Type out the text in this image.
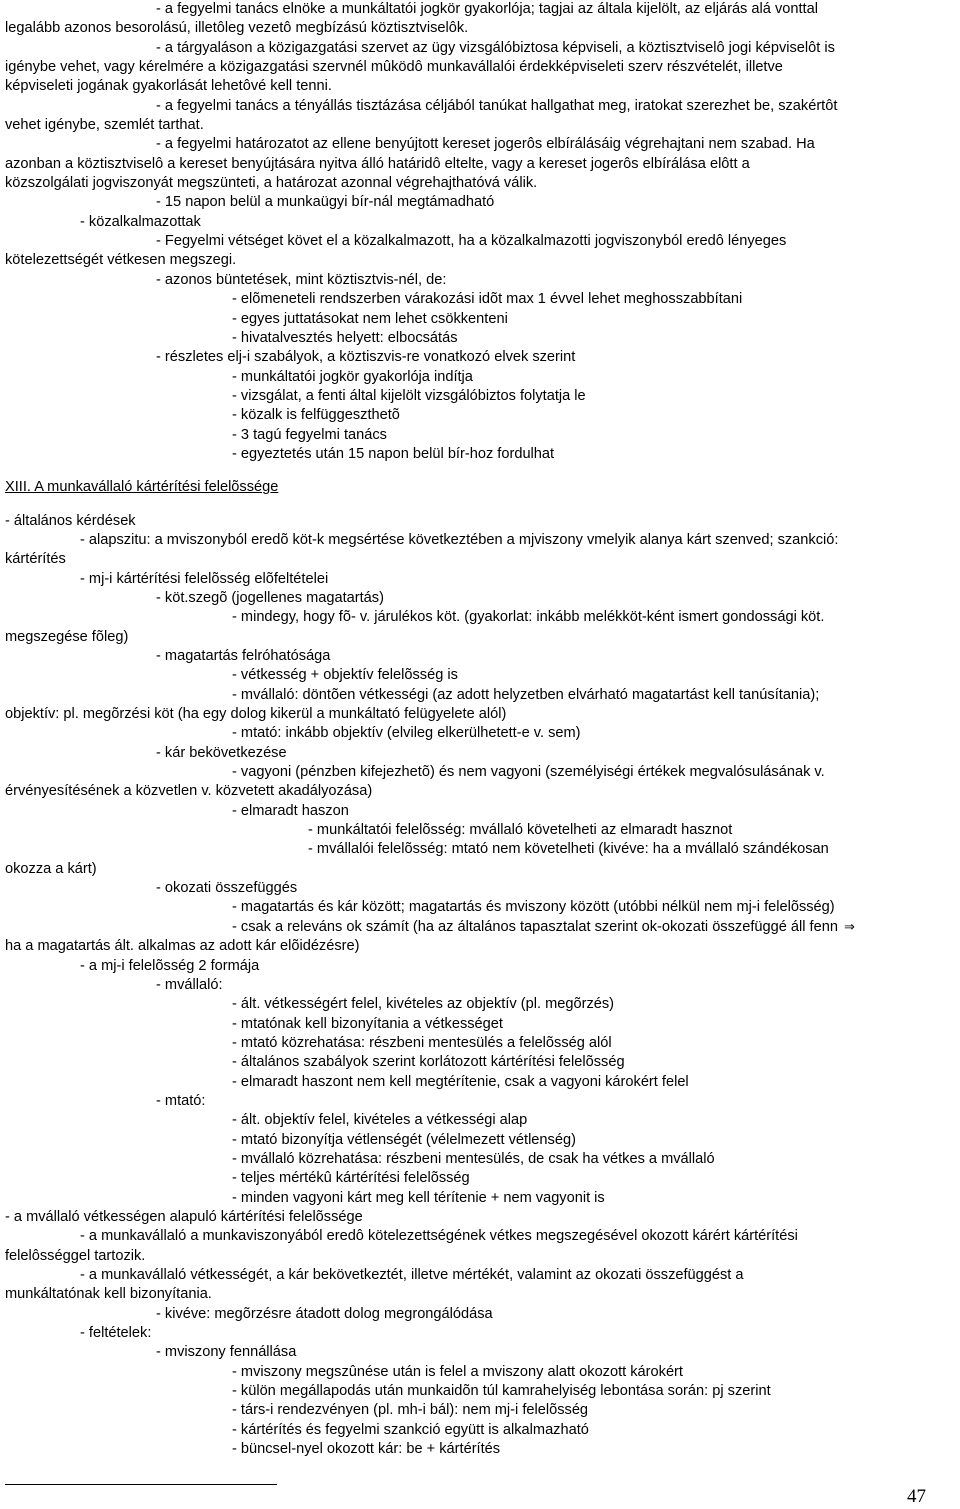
- a fegyelmi tanács elnöke a munkáltatói jogkör gyakorlója; tagjai az általa kijelölt, az eljárás alá vonttal
legalább azonos besorolású, illetôleg vezetô megbízású köztisztviselôk.
- a tárgyaláson a közigazgatási szervet az ügy vizsgálóbiztosa képviseli, a köztisztviselô jogi képviselôt is
igénybe vehet, vagy kérelmére a közigazgatási szervnél mûködô munkavállalói érdekképviseleti szerv részvételét, illetve
képviseleti jogának gyakorlását lehetôvé kell tenni.
- a fegyelmi tanács a tényállás tisztázása céljából tanúkat hallgathat meg, iratokat szerezhet be, szakértôt
vehet igénybe, szemlét tarthat.
- a fegyelmi határozatot az ellene benyújtott kereset jogerôs elbírálásáig végrehajtani nem szabad. Ha
azonban a köztisztviselô a kereset benyújtására nyitva álló határidô eltelte, vagy a kereset jogerôs elbírálása elôtt a
közszolgálati jogviszonyát megszünteti, a határozat azonnal végrehajthatóvá válik.
- 15 napon belül a munkaügyi bír-nál megtámadható
- közalkalmazottak
- Fegyelmi vétséget követ el a közalkalmazott, ha a közalkalmazotti jogviszonyból eredô lényeges
kötelezettségét vétkesen megszegi.
- azonos büntetések, mint köztisztvis-nél, de:
- elõmeneteli rendszerben várakozási idõt max 1 évvel lehet meghosszabbítani
- egyes juttatásokat nem lehet csökkenteni
- hivatalvesztés helyett: elbocsátás
- részletes elj-i szabályok, a köztiszvis-re vonatkozó elvek szerint
- munkáltatói jogkör gyakorlója indítja
- vizsgálat, a fenti által kijelölt vizsgálóbiztos folytatja le
- közalk is felfüggeszthetõ
- 3 tagú fegyelmi tanács
- egyeztetés után 15 napon belül bír-hoz fordulhat
XIII. A munkavállaló kártérítési felelõssége
- általános kérdések
- alapszitu: a mviszonyból eredõ köt-k megsértése következtében a mjviszony vmelyik alanya kárt szenved; szankció:
kártérítés
- mj-i kártérítési felelõsség elõfeltételei
- köt.szegõ (jogellenes magatartás)
- mindegy, hogy fõ- v. járulékos köt. (gyakorlat: inkább melékköt-ként ismert gondossági köt.
megszegése fõleg)
- magatartás felróhatósága
- vétkesség + objektív felelõsség is
- mvállaló: döntõen vétkességi (az adott helyzetben elvárható magatartást kell tanúsítania);
objektív: pl. megõrzési köt (ha egy dolog kikerül a munkáltató felügyelete alól)
- mtató: inkább objektív (elvileg elkerülhetett-e v. sem)
- kár bekövetkezése
- vagyoni (pénzben kifejezhetõ) és nem vagyoni (személyiségi értékek megvalósulásának v.
érvényesítésének a közvetlen v. közvetett akadályozása)
- elmaradt haszon
- munkáltatói felelõsség: mvállaló követelheti az elmaradt hasznot
- mvállalói felelõsség: mtató nem követelheti (kivéve: ha a mvállaló szándékosan
okozza a kárt)
- okozati összefüggés
- magatartás és kár között; magatartás és mviszony között (utóbbi nélkül nem mj-i felelõsség)
- csak a releváns ok számít (ha az általános tapasztalat szerint ok-okozati összefüggé áll fenn ⇒
ha a magatartás ált. alkalmas az adott kár elõidézésre)
- a mj-i felelõsség 2 formája
- mvállaló:
- ált. vétkességért felel, kivételes az objektív (pl. megõrzés)
- mtatónak kell bizonyítania a vétkességet
- mtató közrehatása: részbeni mentesülés a felelõsség alól
- általános szabályok szerint korlátozott kártérítési felelõsség
- elmaradt haszont nem kell megtérítenie, csak a vagyoni károkért felel
- mtató:
- ált. objektív felel, kivételes a vétkességi alap
- mtató bizonyítja vétlenségét (vélelmezett vétlenség)
- mvállaló közrehatása: részbeni mentesülés, de csak ha vétkes a mvállaló
- teljes mértékû kártérítési felelõsség
- minden vagyoni kárt meg kell térítenie + nem vagyonit is
- a mvállaló vétkességen alapuló kártérítési felelõssége
- a munkavállaló a munkaviszonyából eredô kötelezettségének vétkes megszegésével okozott kárért kártérítési
felelôsséggel tartozik.
- a munkavállaló vétkességét, a kár bekövetkeztét, illetve mértékét, valamint az okozati összefüggést a
munkáltatónak kell bizonyítania.
- kivéve: megõrzésre átadott dolog megrongálódása
- feltételek:
- mviszony fennállása
- mviszony megszûnése után is felel a mviszony alatt okozott károkért
- külön megállapodás után munkaidõn túl kamrahelyiség lebontása során: pj szerint
- társ-i rendezvényen (pl. mh-i bál): nem mj-i felelõsség
- kártérítés és fegyelmi szankció együtt is alkalmazható
- büncsel-nyel okozott kár: be + kártérítés
47
